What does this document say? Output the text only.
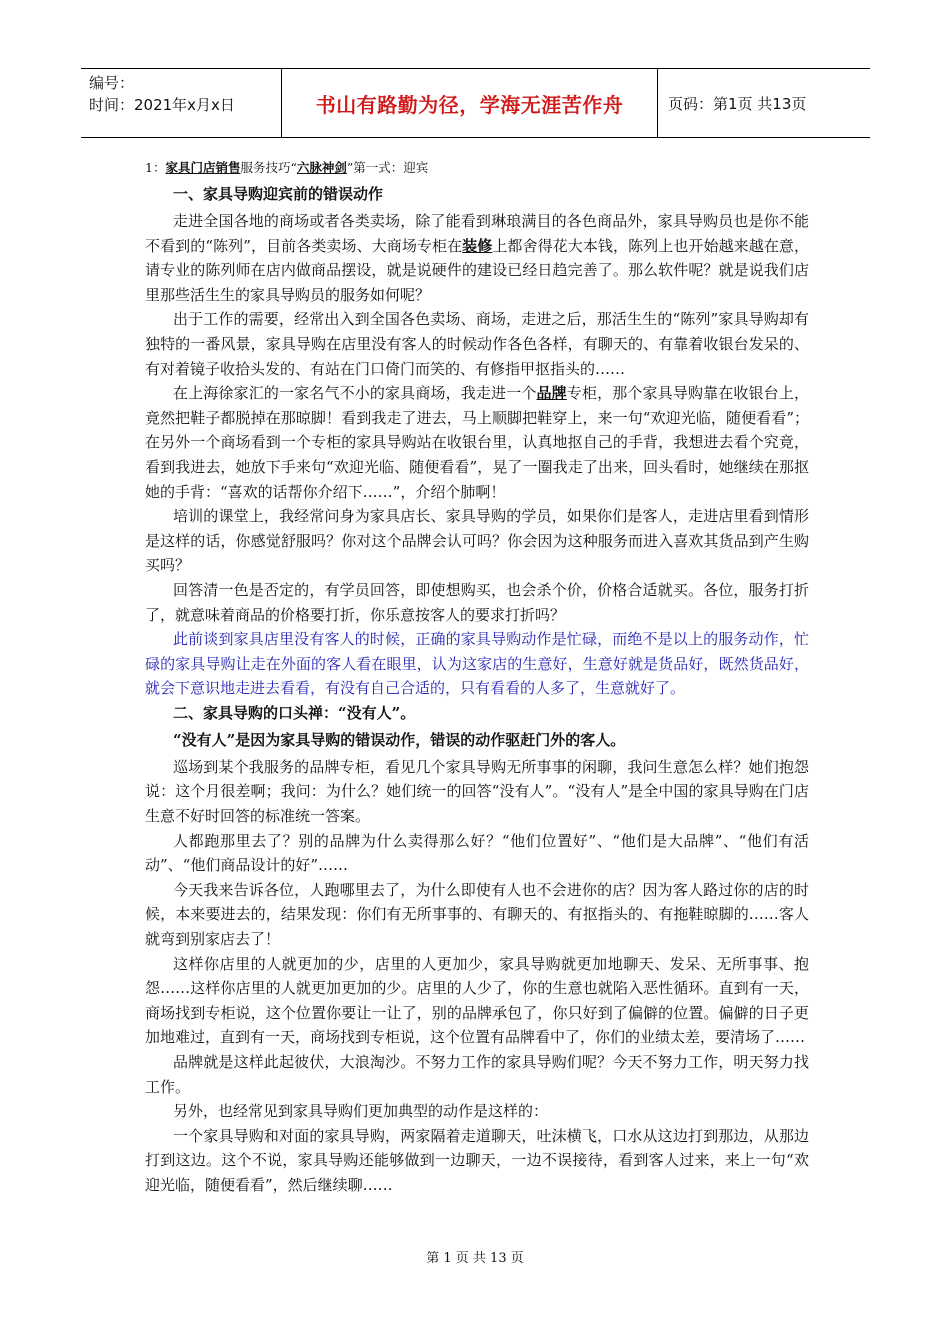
编号：
时间：2021年x月x日	书山有路勤为径，学海无涯苦作舟	页码：第1页 共13页
1：家具门店销售服务技巧“六脉神剑”第一式：迎宾
一、家具导购迎宾前的错误动作

走进全国各地的商场或者各类卖场，除了能看到琳琅满目的各色商品外，家具导购员也是你不能不看到的“陈列”，目前各类卖场、大商场专柜在装修上都舍得花大本钱，陈列上也开始越来越在意，请专业的陈列师在店内做商品摆设，就是说硬件的建设已经日趋完善了。那么软件呢？就是说我们店里那些活生生的家具导购员的服务如何呢？

出于工作的需要，经常出入到全国各色卖场、商场，走进之后，那活生生的“陈列”家具导购却有独特的一番风景，家具导购在店里没有客人的时候动作各色各样，有聊天的、有靠着收银台发呆的、有对着镜子收拾头发的、有站在门口倚门而笑的、有修指甲抠指头的……

在上海徐家汇的一家名气不小的家具商场，我走进一个品牌专柜，那个家具导购靠在收银台上，竟然把鞋子都脱掉在那晾脚！看到我走了进去，马上顺脚把鞋穿上，来一句“欢迎光临，随便看看”；在另外一个商场看到一个专柜的家具导购站在收银台里，认真地抠自己的手背，我想进去看个究竟，看到我进去，她放下手来句“欢迎光临、随便看看”，晃了一圈我走了出来，回头看时，她继续在那抠她的手背：“喜欢的话帮你介绍下……”，介绍个肺啊！

培训的课堂上，我经常问身为家具店长、家具导购的学员，如果你们是客人，走进店里看到情形是这样的话，你感觉舒服吗？你对这个品牌会认可吗？你会因为这种服务而进入喜欢其货品到产生购买吗？

回答清一色是否定的，有学员回答，即使想购买，也会杀个价，价格合适就买。各位，服务打折了，就意味着商品的价格要打折，你乐意按客人的要求打折吗？

此前谈到家具店里没有客人的时候，正确的家具导购动作是忙碌，而绝不是以上的服务动作，忙碌的家具导购让走在外面的客人看在眼里，认为这家店的生意好，生意好就是货品好，既然货品好，就会下意识地走进去看看，有没有自己合适的，只有看看的人多了，生意就好了。

二、家具导购的口头禅：“没有人”。
“没有人”是因为家具导购的错误动作，错误的动作驱赶门外的客人。

巡场到某个我服务的品牌专柜，看见几个家具导购无所事事的闲聊，我问生意怎么样？她们抱怨说：这个月很差啊；我问：为什么？她们统一的回答“没有人”。“没有人”是全中国的家具导购在门店生意不好时回答的标准统一答案。

人都跑那里去了？别的品牌为什么卖得那么好？“他们位置好”、“他们是大品牌”、“他们有活动”、“他们商品设计的好”……

今天我来告诉各位，人跑哪里去了，为什么即使有人也不会进你的店？因为客人路过你的店的时候，本来要进去的，结果发现：你们有无所事事的、有聊天的、有抠指头的、有拖鞋晾脚的……客人就弯到别家店去了！

这样你店里的人就更加的少，店里的人更加少，家具导购就更加地聊天、发呆、无所事事、抱怨……这样你店里的人就更加更加的少。店里的人少了，你的生意也就陷入恶性循环。直到有一天，商场找到专柜说，这个位置你要让一让了，别的品牌承包了，你只好到了偏僻的位置。偏僻的日子更加地难过，直到有一天，商场找到专柜说，这个位置有品牌看中了，你们的业绩太差，要清场了……

品牌就是这样此起彼伏，大浪淘沙。不努力工作的家具导购们呢？今天不努力工作，明天努力找工作。

另外，也经常见到家具导购们更加典型的动作是这样的：

一个家具导购和对面的家具导购，两家隔着走道聊天，吐沫横飞，口水从这边打到那边，从那边打到这边。这个不说，家具导购还能够做到一边聊天，一边不误接待，看到客人过来，来上一句“欢迎光临，随便看看”，然后继续聊……

第 1 页 共 13 页
